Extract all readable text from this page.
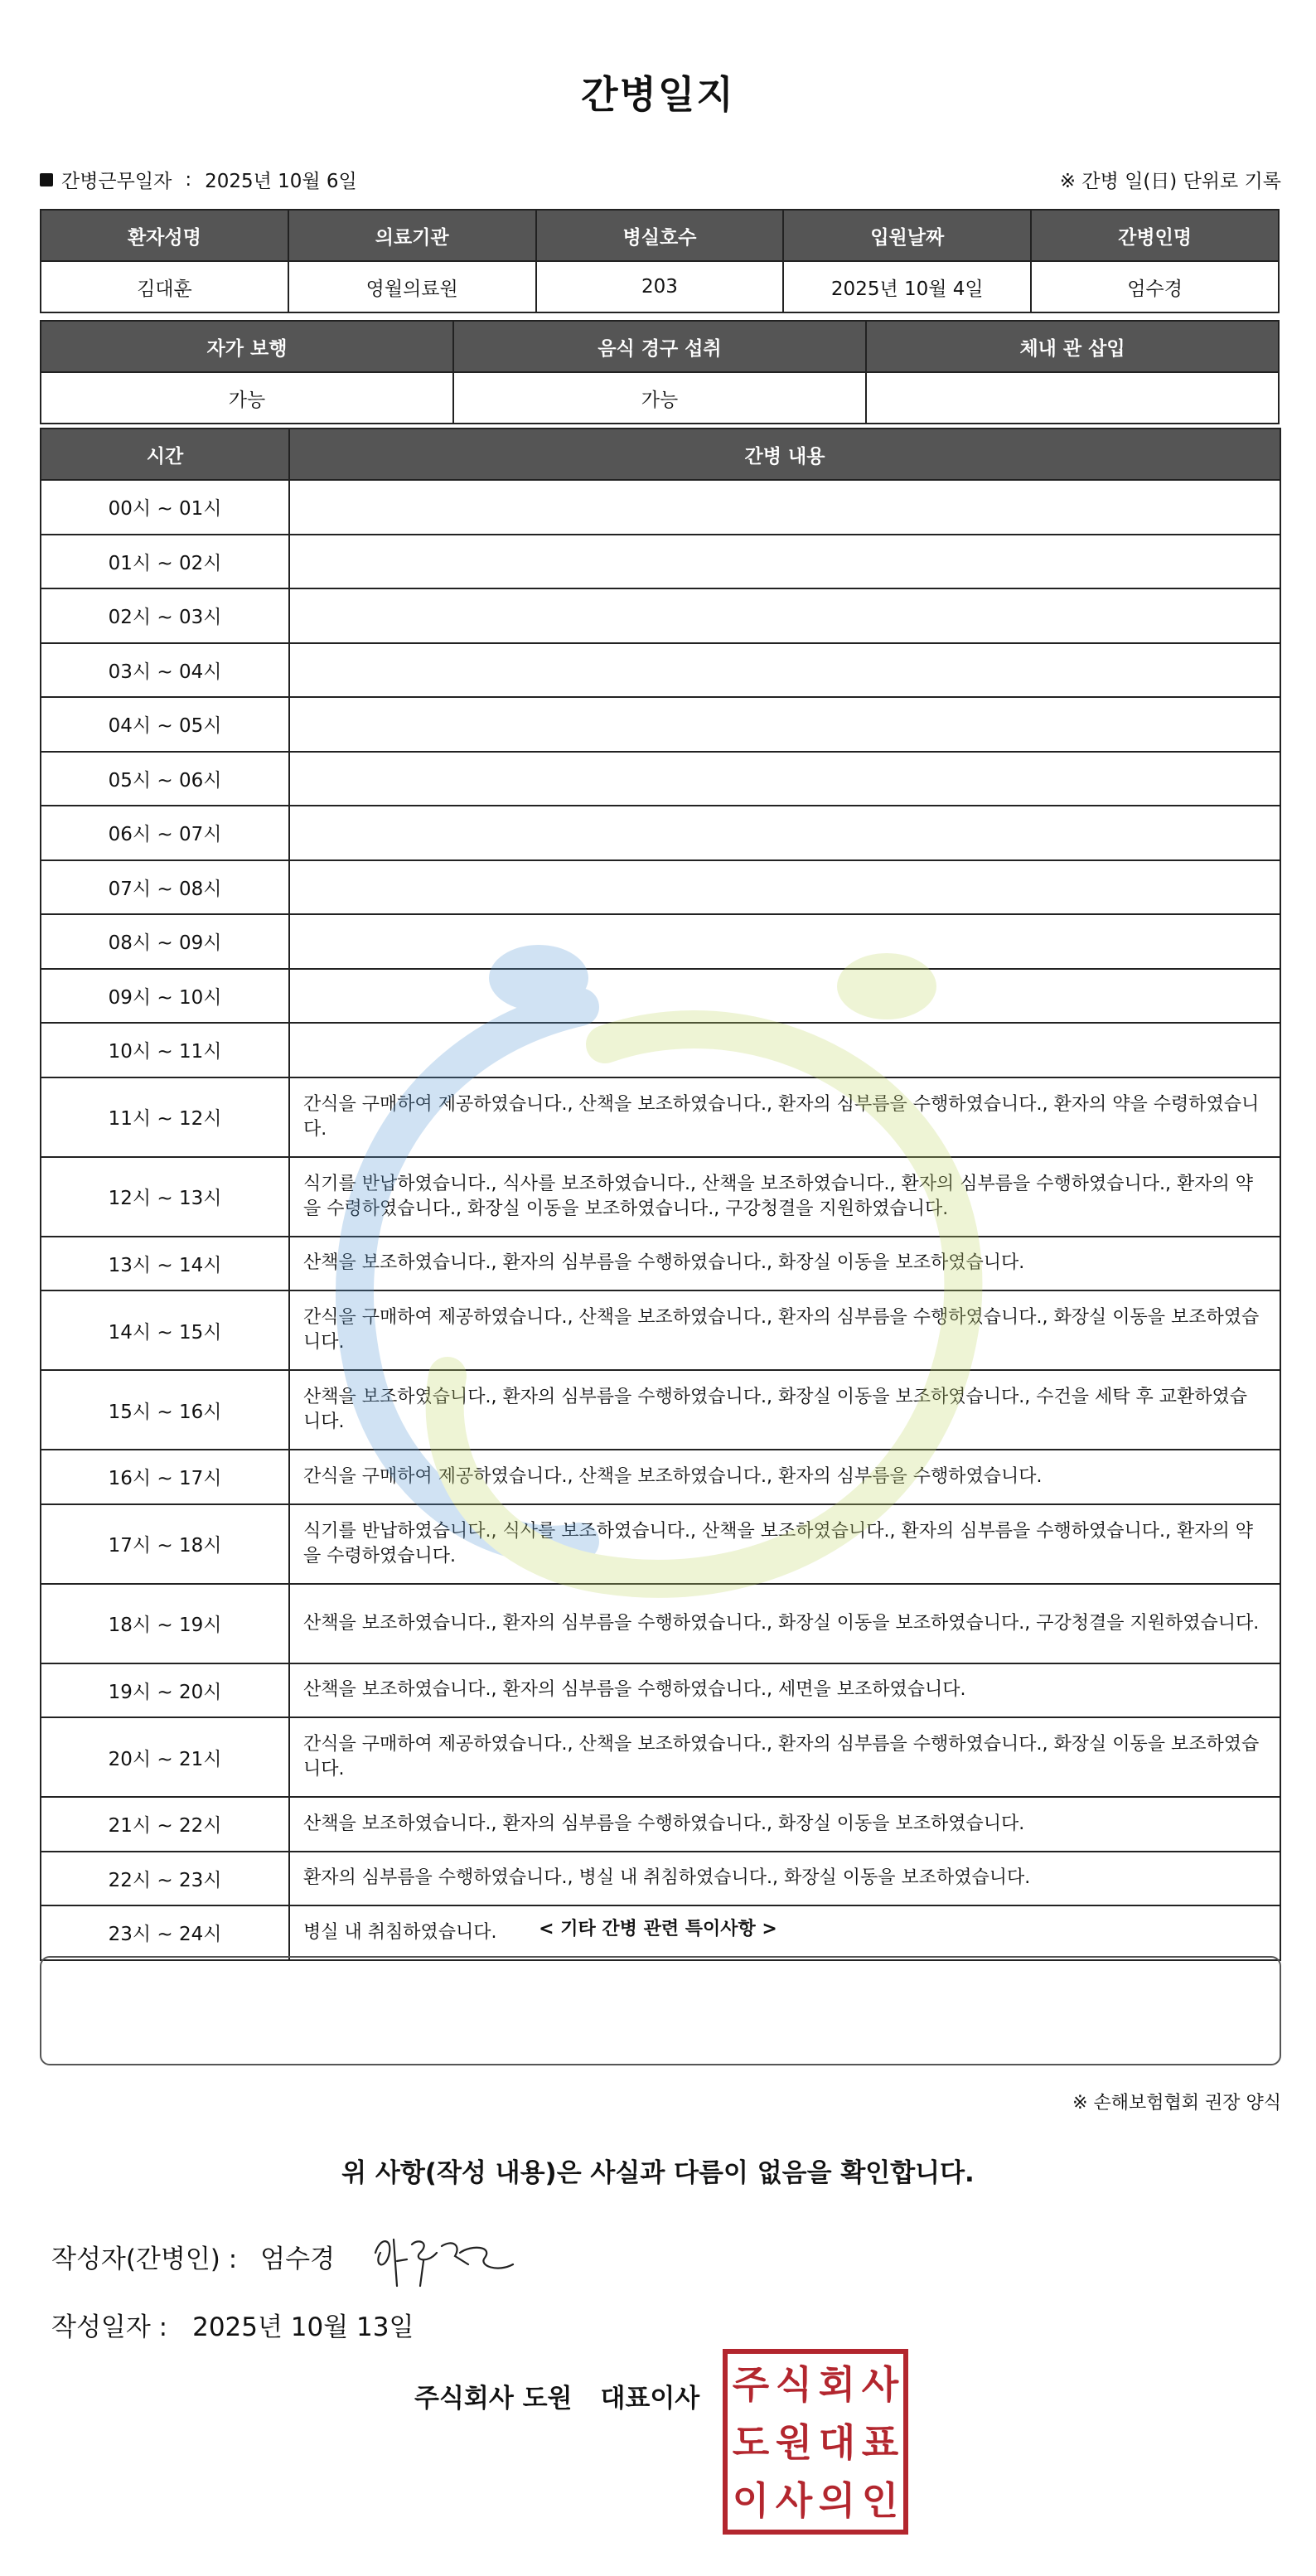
간병일지
간병근무일자 : 2025년 10월 6일	※ 간병 일(日) 단위로 기록
환자성명	의료기관	병실호수	입원날짜	간병인명
김대훈	영월의료원	203	2025년 10월 4일	엄수경
자가 보행	음식 경구 섭취	체내 관 삽입
가능	가능	
시간	간병 내용
00시 ~ 01시	
01시 ~ 02시	
02시 ~ 03시	
03시 ~ 04시	
04시 ~ 05시	
05시 ~ 06시	
06시 ~ 07시	
07시 ~ 08시	
08시 ~ 09시	
09시 ~ 10시	
10시 ~ 11시	
11시 ~ 12시	간식을 구매하여 제공하였습니다., 산책을 보조하였습니다., 환자의 심부름을 수행하였습니다., 환자의 약을 수령하였습니다.
12시 ~ 13시	식기를 반납하였습니다., 식사를 보조하였습니다., 산책을 보조하였습니다., 환자의 심부름을 수행하였습니다., 환자의 약을 수령하였습니다., 화장실 이동을 보조하였습니다., 구강청결을 지원하였습니다.
13시 ~ 14시	산책을 보조하였습니다., 환자의 심부름을 수행하였습니다., 화장실 이동을 보조하였습니다.
14시 ~ 15시	간식을 구매하여 제공하였습니다., 산책을 보조하였습니다., 환자의 심부름을 수행하였습니다., 화장실 이동을 보조하였습니다.
15시 ~ 16시	산책을 보조하였습니다., 환자의 심부름을 수행하였습니다., 화장실 이동을 보조하였습니다., 수건을 세탁 후 교환하였습니다.
16시 ~ 17시	간식을 구매하여 제공하였습니다., 산책을 보조하였습니다., 환자의 심부름을 수행하였습니다.
17시 ~ 18시	식기를 반납하였습니다., 식사를 보조하였습니다., 산책을 보조하였습니다., 환자의 심부름을 수행하였습니다., 환자의 약을 수령하였습니다.
18시 ~ 19시	산책을 보조하였습니다., 환자의 심부름을 수행하였습니다., 화장실 이동을 보조하였습니다., 구강청결을 지원하였습니다.
19시 ~ 20시	산책을 보조하였습니다., 환자의 심부름을 수행하였습니다., 세면을 보조하였습니다.
20시 ~ 21시	간식을 구매하여 제공하였습니다., 산책을 보조하였습니다., 환자의 심부름을 수행하였습니다., 화장실 이동을 보조하였습니다.
21시 ~ 22시	산책을 보조하였습니다., 환자의 심부름을 수행하였습니다., 화장실 이동을 보조하였습니다.
22시 ~ 23시	환자의 심부름을 수행하였습니다., 병실 내 취침하였습니다., 화장실 이동을 보조하였습니다.
23시 ~ 24시	병실 내 취침하였습니다.	< 기타 간병 관련 특이사항 >
※ 손해보험협회 권장 양식
위 사항(작성 내용)은 사실과 다름이 없음을 확인합니다.
작성자(간병인) : 엄수경
작성일자 : 2025년 10월 13일
주식회사 도원 대표이사 주 식 회 사
도 원 대 표
이 사 의 인
